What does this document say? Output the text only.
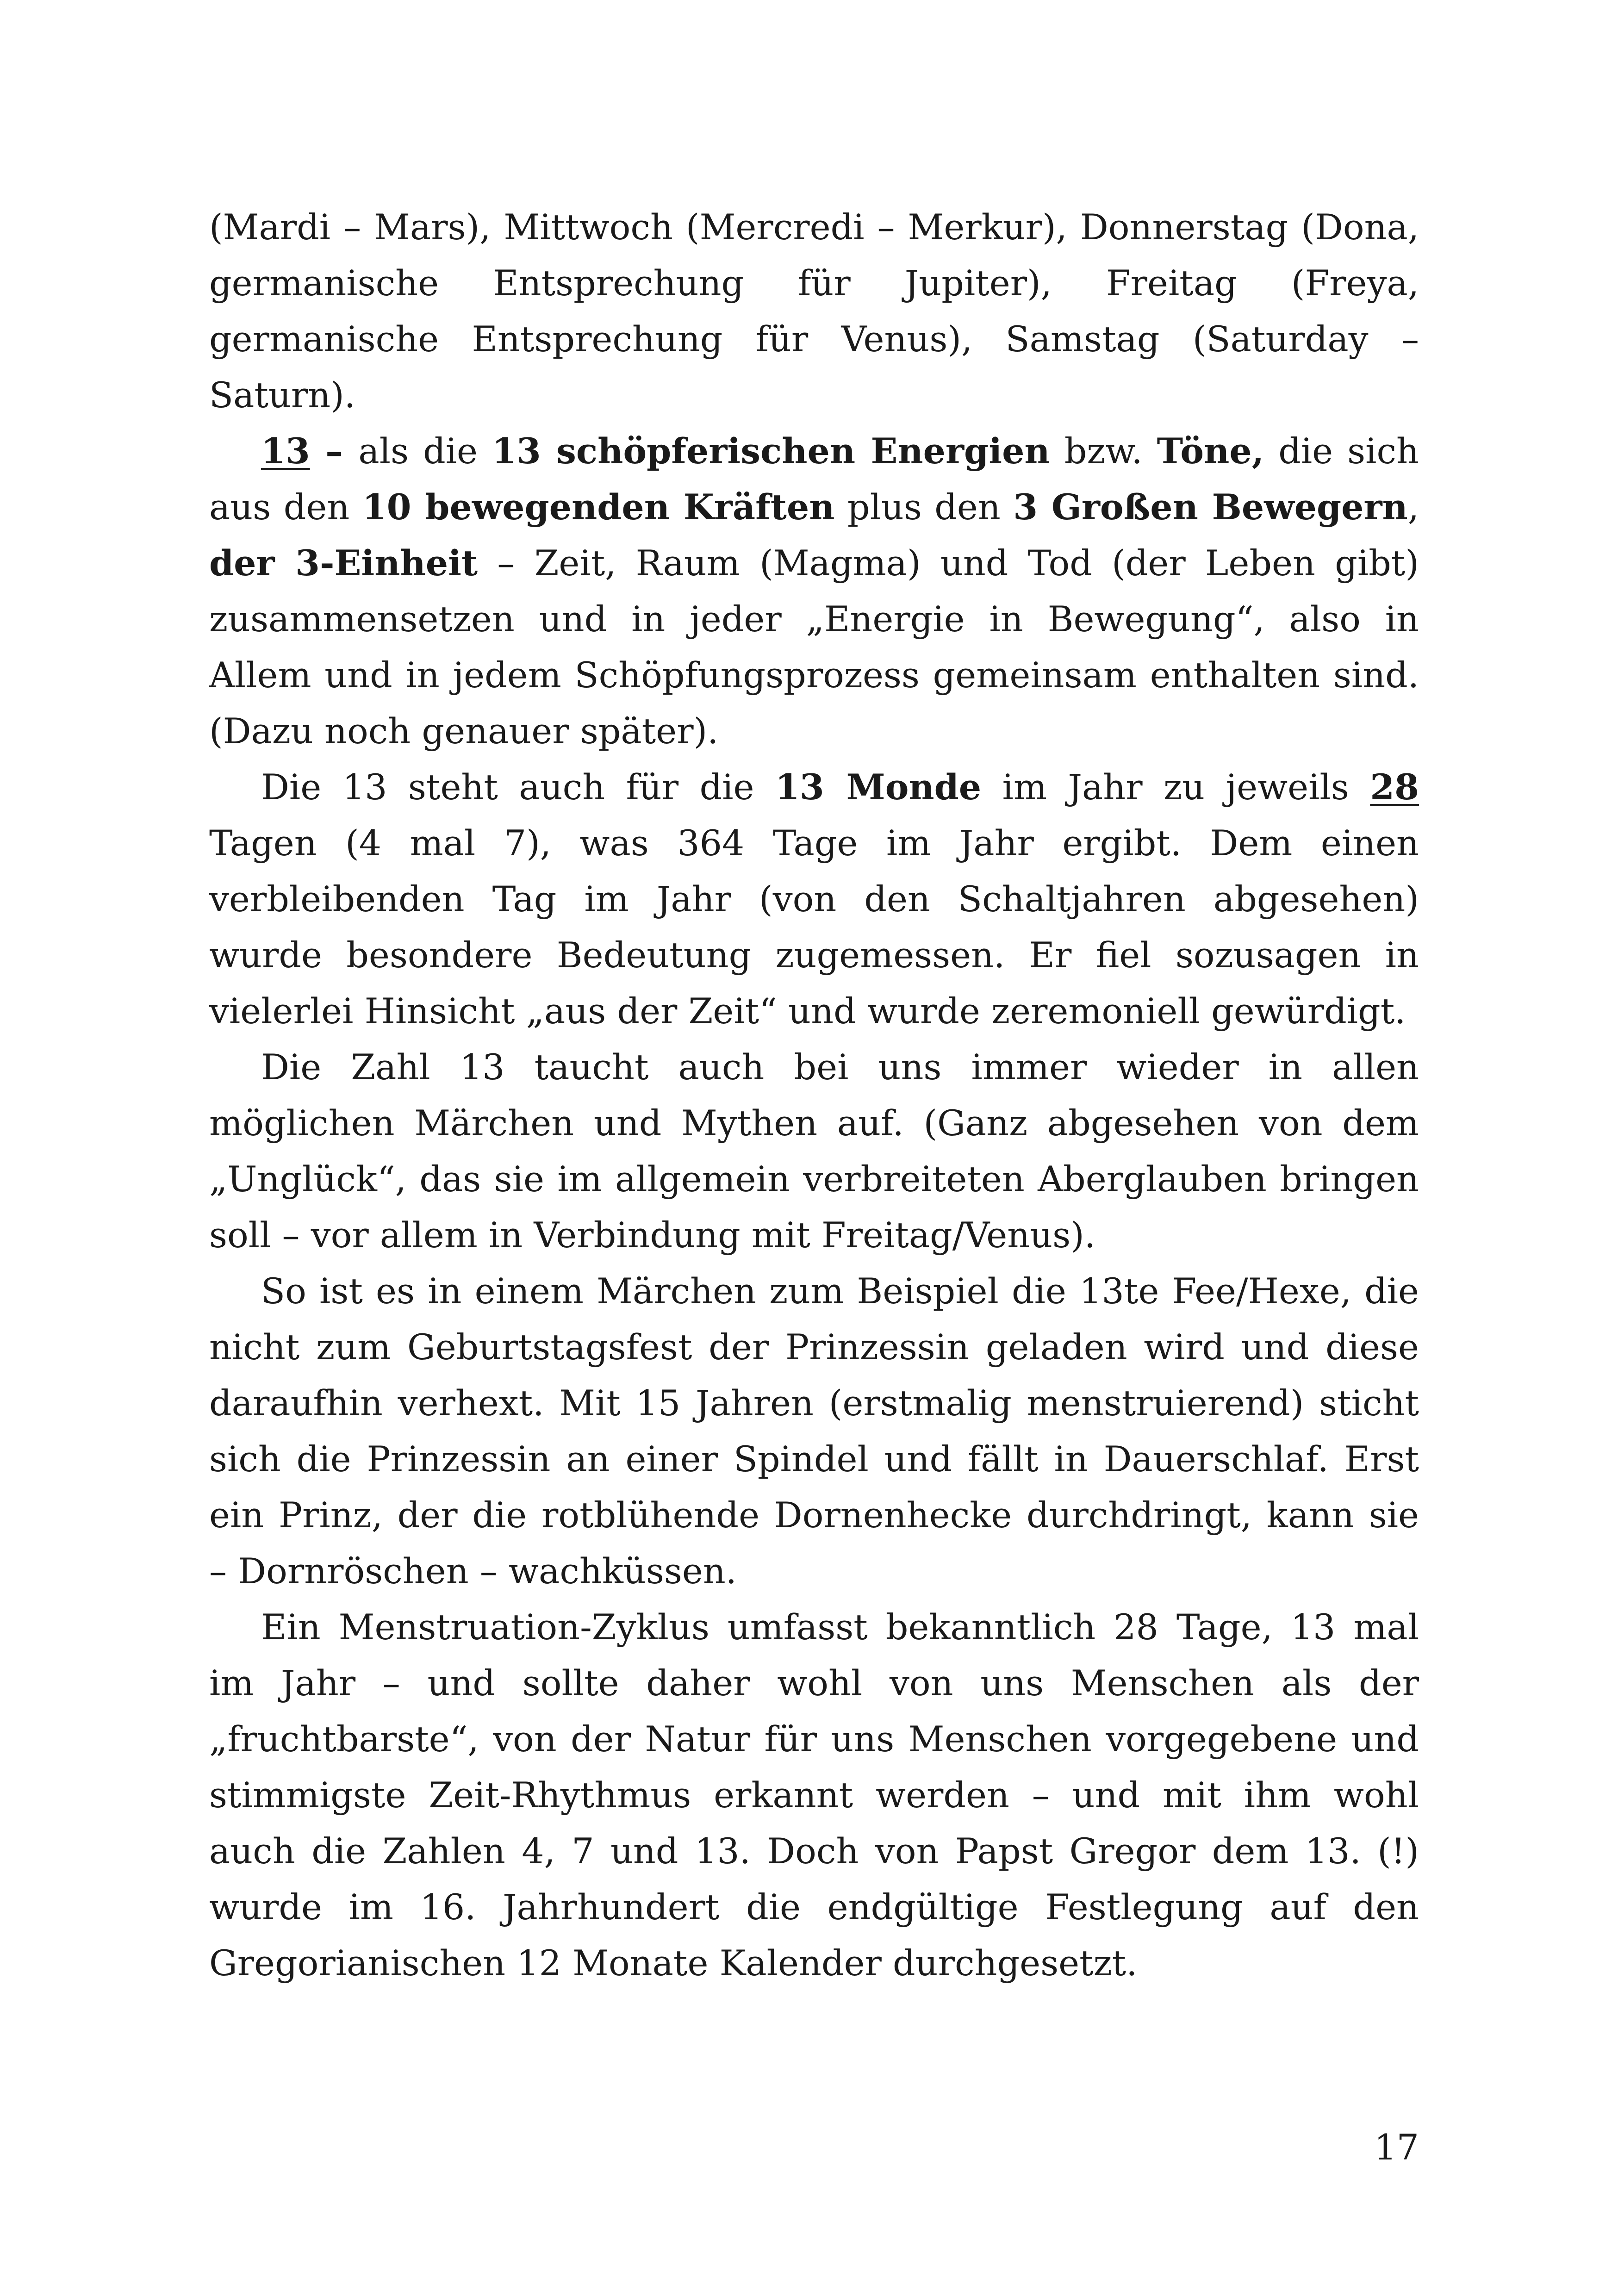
(Mardi – Mars), Mittwoch (Mercredi – Merkur), Donnerstag (Dona, germanische Entsprechung für Jupiter), Freitag (Freya, germanische Entsprechung für Venus), Samstag (Saturday – Saturn).

13 – als die 13 schöpferischen Energien bzw. Töne, die sich aus den 10 bewegenden Kräften plus den 3 Großen Bewegern, der 3-Einheit – Zeit, Raum (Magma) und Tod (der Leben gibt) zusammensetzen und in jeder „Energie in Bewegung“, also in Allem und in jedem Schöpfungsprozess gemeinsam enthalten sind. (Dazu noch genauer später).

Die 13 steht auch für die 13 Monde im Jahr zu jeweils 28 Tagen (4 mal 7), was 364 Tage im Jahr ergibt. Dem einen verbleibenden Tag im Jahr (von den Schaltjahren abgesehen) wurde besondere Bedeutung zugemessen. Er fiel sozusagen in vielerlei Hinsicht „aus der Zeit“ und wurde zeremoniell gewürdigt.

Die Zahl 13 taucht auch bei uns immer wieder in allen möglichen Märchen und Mythen auf. (Ganz abgesehen von dem „Unglück“, das sie im allgemein verbreiteten Aberglauben bringen soll – vor allem in Verbindung mit Freitag/Venus).

So ist es in einem Märchen zum Beispiel die 13te Fee/Hexe, die nicht zum Geburtstagsfest der Prinzessin geladen wird und diese daraufhin verhext. Mit 15 Jahren (erstmalig menstruierend) sticht sich die Prinzessin an einer Spindel und fällt in Dauerschlaf. Erst ein Prinz, der die rotblühende Dornenhecke durchdringt, kann sie – Dornröschen – wachküssen.

Ein Menstruation-Zyklus umfasst bekanntlich 28 Tage, 13 mal im Jahr – und sollte daher wohl von uns Menschen als der „fruchtbarste“, von der Natur für uns Menschen vorgegebene und stimmigste Zeit-Rhythmus erkannt werden – und mit ihm wohl auch die Zahlen 4, 7 und 13. Doch von Papst Gregor dem 13. (!) wurde im 16. Jahrhundert die endgültige Festlegung auf den Gregorianischen 12 Monate Kalender durchgesetzt.

17
